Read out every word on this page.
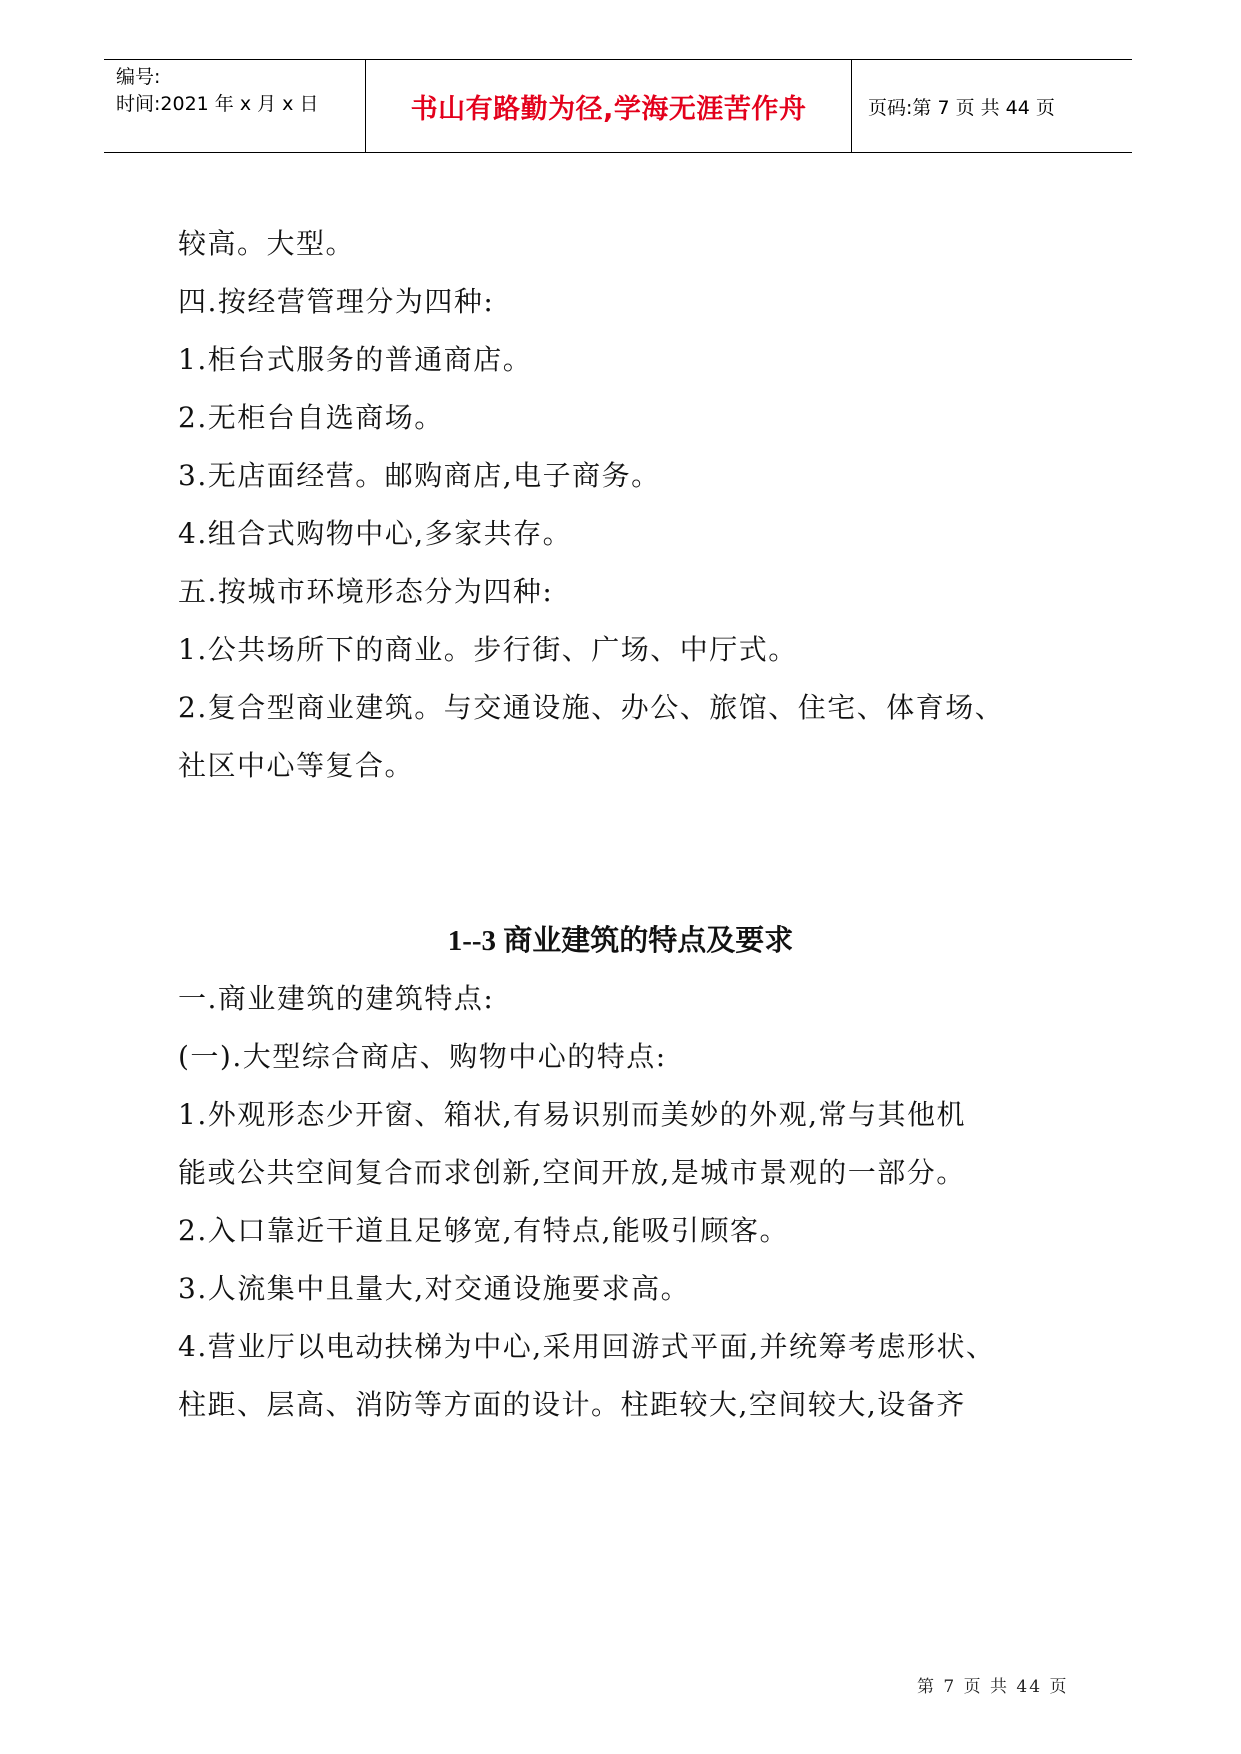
编号:
时间:2021 年 x 月 x 日	书山有路勤为径,学海无涯苦作舟	页码:第 7 页 共 44 页
较高。大型。
四.按经营管理分为四种:
1.柜台式服务的普通商店。
2.无柜台自选商场。
3.无店面经营。邮购商店,电子商务。
4.组合式购物中心,多家共存。
五.按城市环境形态分为四种:
1.公共场所下的商业。步行街、广场、中厅式。
2.复合型商业建筑。与交通设施、办公、旅馆、住宅、体育场、
社区中心等复合。
1--3 商业建筑的特点及要求
一.商业建筑的建筑特点:
(一).大型综合商店、购物中心的特点:
1.外观形态少开窗、箱状,有易识别而美妙的外观,常与其他机
能或公共空间复合而求创新,空间开放,是城市景观的一部分。
2.入口靠近干道且足够宽,有特点,能吸引顾客。
3.人流集中且量大,对交通设施要求高。
4.营业厅以电动扶梯为中心,采用回游式平面,并统筹考虑形状、
柱距、层高、消防等方面的设计。柱距较大,空间较大,设备齐
第 7 页 共 44 页
